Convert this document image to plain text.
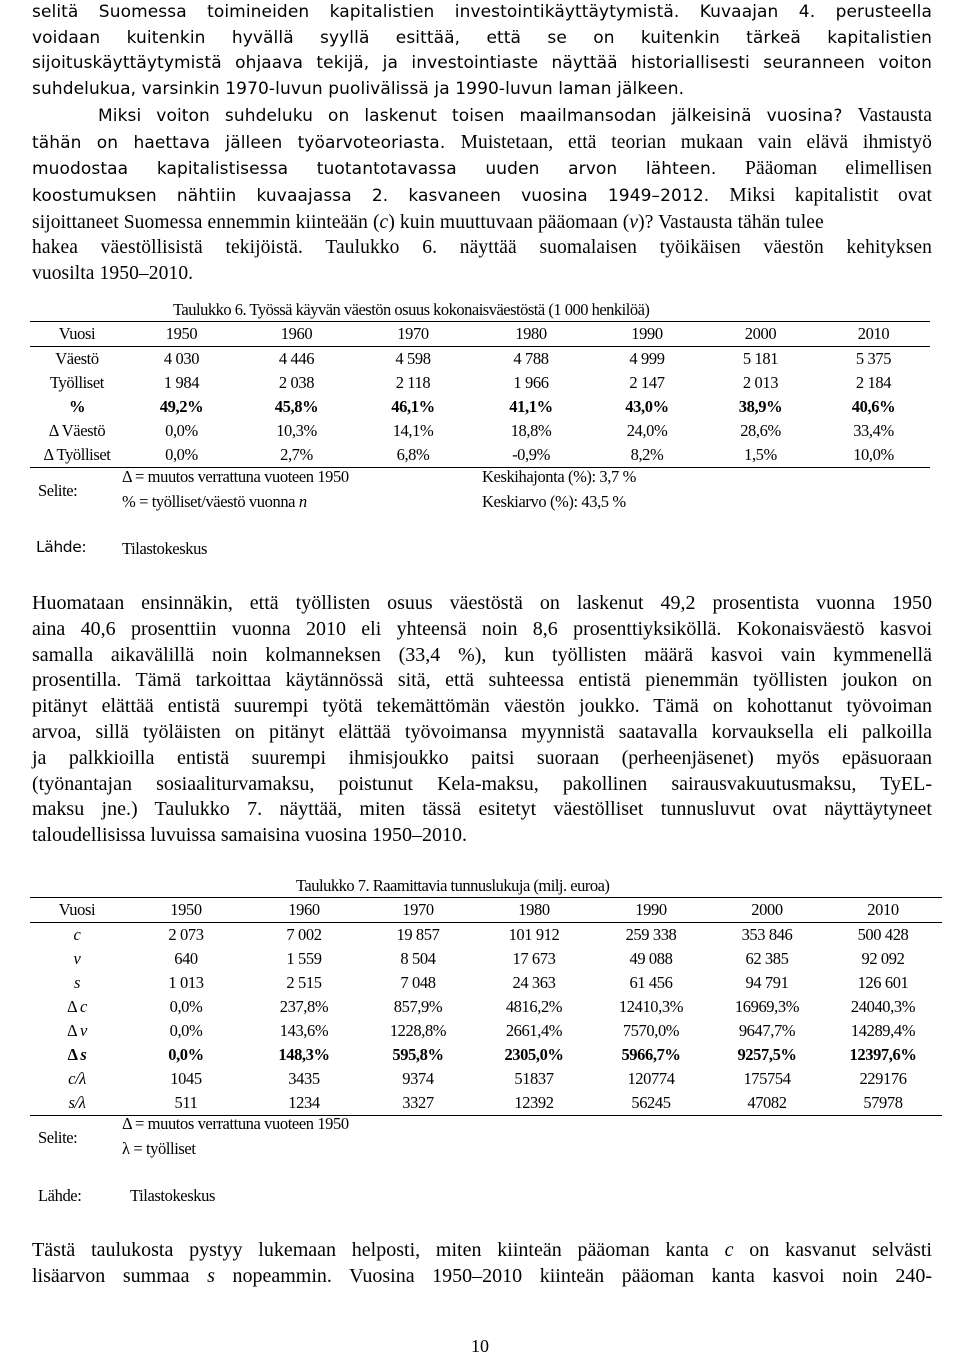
selitä Suomessa toimineiden kapitalistien investointikäyttäytymistä. Kuvaajan 4. perusteella
voidaan kuitenkin hyvällä syyllä esittää, että se on kuitenkin tärkeä kapitalistien
sijoituskäyttäytymistä ohjaava tekijä, ja investointiaste näyttää historiallisesti seuranneen voiton
suhdelukua, varsinkin 1970-luvun puolivälissä ja 1990-luvun laman jälkeen.
Miksi voiton suhdeluku on laskenut toisen maailmansodan jälkeisinä vuosina? Vastausta
tähän on haettava jälleen työarvoteoriasta. Muistetaan, että teorian mukaan vain elävä ihmistyö
muodostaa kapitalistisessa tuotantotavassa uuden arvon lähteen. Pääoman elimellisen
koostumuksen nähtiin kuvaajassa 2. kasvaneen vuosina 1949–2012. Miksi kapitalistit ovat
sijoittaneet Suomessa ennemmin kiinteään (c) kuin muuttuvaan pääomaan (v)? Vastausta tähän tulee
hakea väestöllisistä tekijöistä. Taulukko 6. näyttää suomalaisen työikäisen väestön kehityksen
vuosilta 1950–2010.
Taulukko 6. Työssä käyvän väestön osuus kokonaisväestöstä (1 000 henkilöä)
Vuosi	1950	1960	1970	1980	1990	2000	2010
Väestö	4 030	4 446	4 598	4 788	4 999	5 181	5 375
Työlliset	1 984	2 038	2 118	1 966	2 147	2 013	2 184
%	49,2%	45,8%	46,1%	41,1%	43,0%	38,9%	40,6%
Δ Väestö	0,0%	10,3%	14,1%	18,8%	24,0%	28,6%	33,4%
Δ Työlliset	0,0%	2,7%	6,8%	-0,9%	8,2%	1,5%	10,0%
Selite:
Δ = muutos verrattuna vuoteen 1950
% = työlliset/väestö vuonna n
Keskihajonta (%): 3,7 %
Keskiarvo (%): 43,5 %
Lähde: Tilastokeskus
Huomataan ensinnäkin, että työllisten osuus väestöstä on laskenut 49,2 prosentista vuonna 1950
aina 40,6 prosenttiin vuonna 2010 eli yhteensä noin 8,6 prosenttiyksiköllä. Kokonaisväestö kasvoi
samalla aikavälillä noin kolmanneksen (33,4 %), kun työllisten määrä kasvoi vain kymmenellä
prosentilla. Tämä tarkoittaa käytännössä sitä, että suhteessa entistä pienemmän työllisten joukon on
pitänyt elättää entistä suurempi työtä tekemättömän väestön joukko. Tämä on kohottanut työvoiman
arvoa, sillä työläisten on pitänyt elättää työvoimansa myynnistä saatavalla korvauksella eli palkoilla
ja palkkioilla entistä suurempi ihmisjoukko paitsi suoraan (perheenjäsenet) myös epäsuoraan
(työnantajan sosiaaliturvamaksu, poistunut Kela-maksu, pakollinen sairausvakuutusmaksu, TyEL-
maksu jne.) Taulukko 7. näyttää, miten tässä esitetyt väestölliset tunnusluvut ovat näyttäytyneet
taloudellisissa luvuissa samaisina vuosina 1950–2010.
Taulukko 7. Raamittavia tunnuslukuja (milj. euroa)
Vuosi	1950	1960	1970	1980	1990	2000	2010
c	2 073	7 002	19 857	101 912	259 338	353 846	500 428
v	640	1 559	8 504	17 673	49 088	62 385	92 092
s	1 013	2 515	7 048	24 363	61 456	94 791	126 601
Δ c	0,0%	237,8%	857,9%	4816,2%	12410,3%	16969,3%	24040,3%
Δ v	0,0%	143,6%	1228,8%	2661,4%	7570,0%	9647,7%	14289,4%
Δ s	0,0%	148,3%	595,8%	2305,0%	5966,7%	9257,5%	12397,6%
c/λ	1045	3435	9374	51837	120774	175754	229176
s/λ	511	1234	3327	12392	56245	47082	57978
Selite:
Δ = muutos verrattuna vuoteen 1950
λ = työlliset
Lähde:	Tilastokeskus
Tästä taulukosta pystyy lukemaan helposti, miten kiinteän pääoman kanta c on kasvanut selvästi
lisäarvon summaa s nopeammin. Vuosina 1950–2010 kiinteän pääoman kanta kasvoi noin 240-
10
